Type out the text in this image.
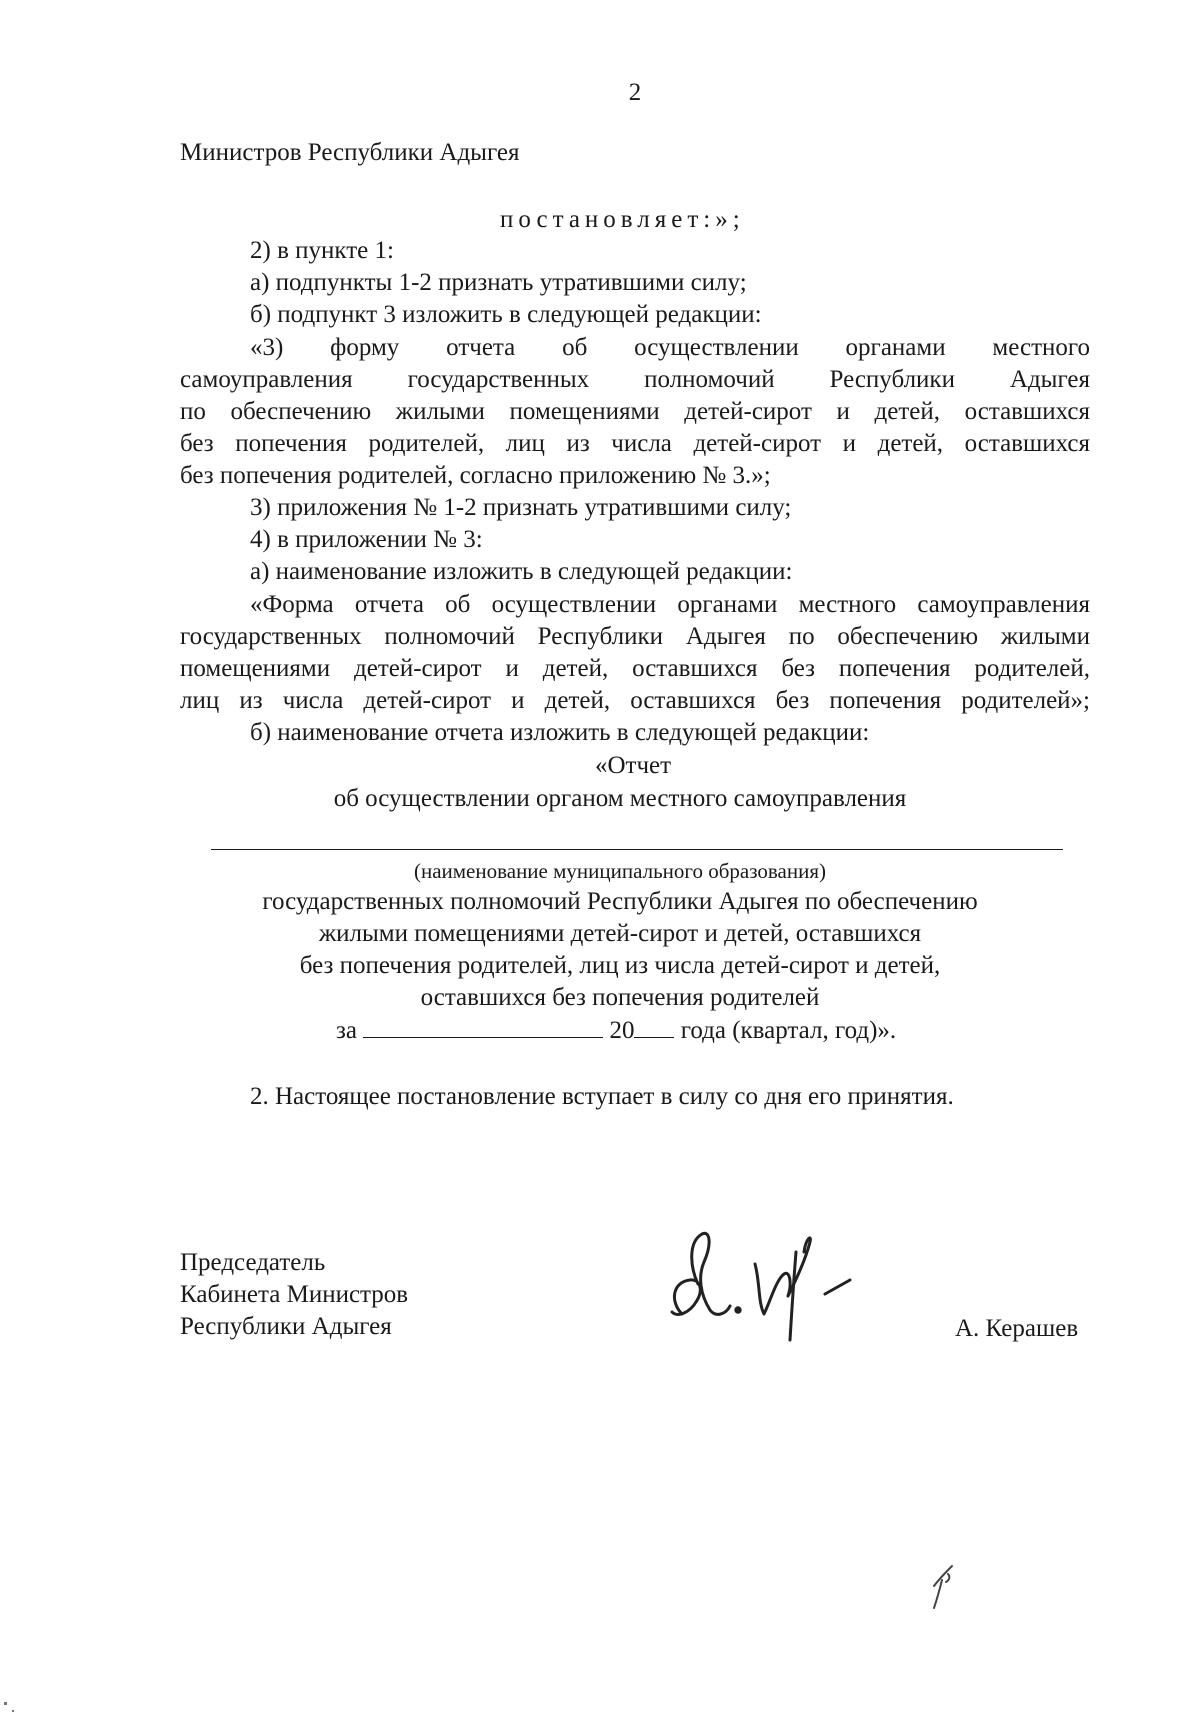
2
Министров Республики Адыгея
постановляет:»;
2) в пункте 1:
а) подпункты 1-2 признать утратившими силу;
б) подпункт 3 изложить в следующей редакции:
«3) форму отчета об осуществлении органами местного
самоуправления государственных полномочий Республики Адыгея
по обеспечению жилыми помещениями детей-сирот и детей, оставшихся
без попечения родителей, лиц из числа детей-сирот и детей, оставшихся
без попечения родителей, согласно приложению № 3.»;
3) приложения № 1-2 признать утратившими силу;
4) в приложении № 3:
а) наименование изложить в следующей редакции:
«Форма отчета об осуществлении органами местного самоуправления
государственных полномочий Республики Адыгея по обеспечению жилыми
помещениями детей-сирот и детей, оставшихся без попечения родителей,
лиц из числа детей-сирот и детей, оставшихся без попечения родителей»;
б) наименование отчета изложить в следующей редакции:
«Отчет
об осуществлении органом местного самоуправления
(наименование муниципального образования)
государственных полномочий Республики Адыгея по обеспечению
жилыми помещениями детей-сирот и детей, оставшихся
без попечения родителей, лиц из числа детей-сирот и детей,
оставшихся без попечения родителей
за	20 года (квартал, год)».
2. Настоящее постановление вступает в силу со дня его принятия.
Председатель
Кабинета Министров
Республики Адыгея	А. Керашев
